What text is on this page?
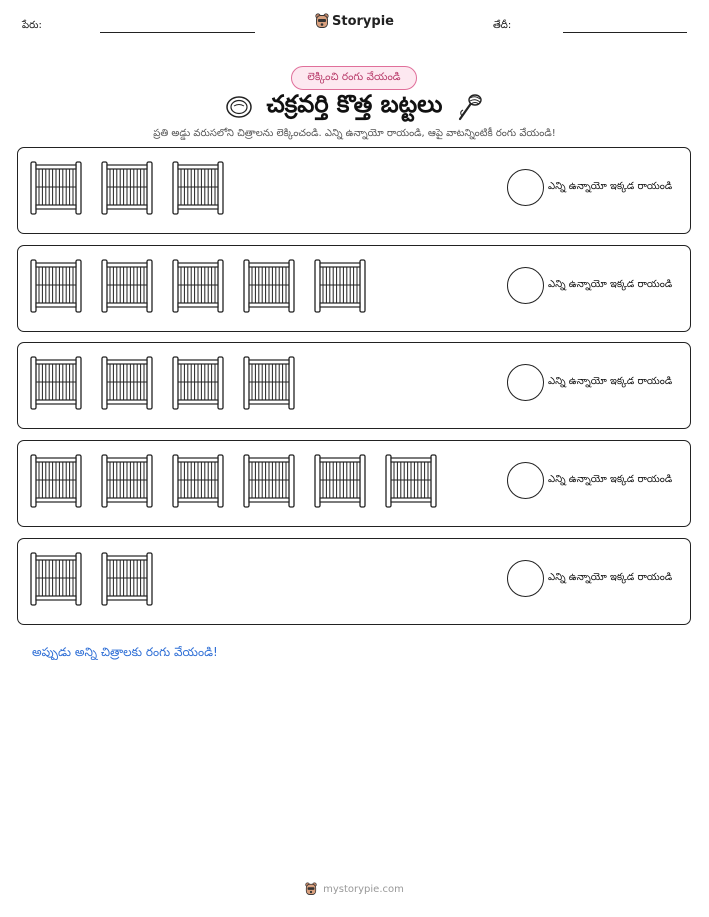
పేరు:	Storypie	తేదీ:
లెక్కించి రంగు వేయండి
చక్రవర్తి కొత్త బట్టలు
ప్రతి అడ్డు వరుసలోని చిత్రాలను లెక్కించండి. ఎన్ని ఉన్నాయో రాయండి, ఆపై వాటన్నింటికీ రంగు వేయండి!
ఎన్ని ఉన్నాయో ఇక్కడ రాయండి
ఎన్ని ఉన్నాయో ఇక్కడ రాయండి
ఎన్ని ఉన్నాయో ఇక్కడ రాయండి
ఎన్ని ఉన్నాయో ఇక్కడ రాయండి
ఎన్ని ఉన్నాయో ఇక్కడ రాయండి
అప్పుడు అన్ని చిత్రాలకు రంగు వేయండి!
mystorypie.com
